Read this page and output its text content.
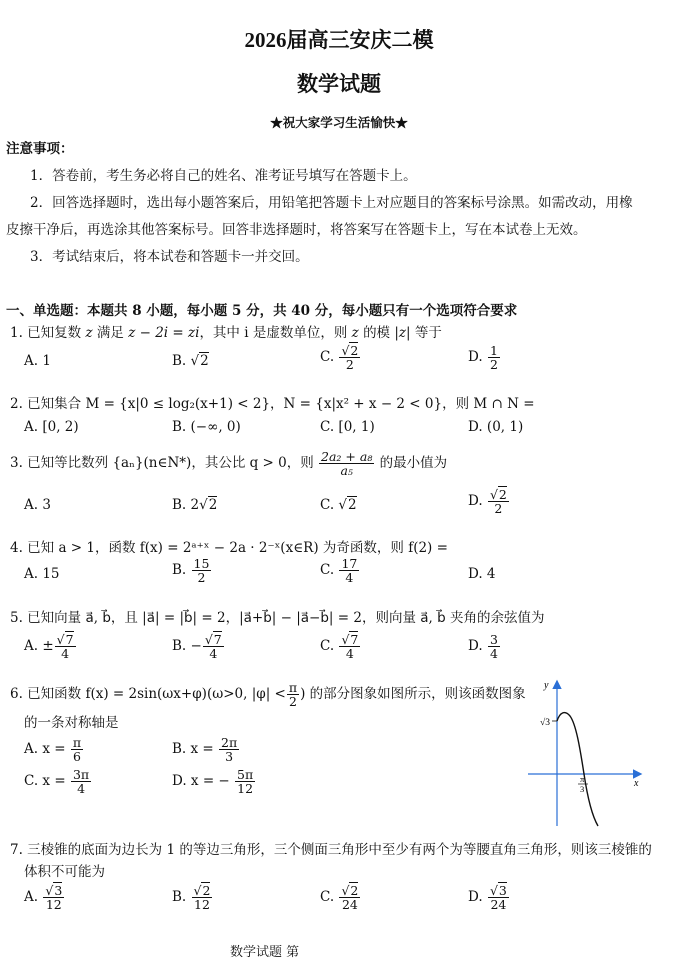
2026届高三安庆二模
数学试题
★祝大家学习生活愉快★
注意事项：
1．答卷前，考生务必将自己的姓名、准考证号填写在答题卡上。
2．回答选择题时，选出每小题答案后，用铅笔把答题卡上对应题目的答案标号涂黑。如需改动，用橡
皮擦干净后，再选涂其他答案标号。回答非选择题时，将答案写在答题卡上，写在本试卷上无效。
3．考试结束后，将本试卷和答题卡一并交回。
一、单选题：本题共 8 小题，每小题 5 分，共 40 分，每小题只有一个选项符合要求
1. 已知复数 z 满足 z − 2i = zi，其中 i 是虚数单位，则 z 的模 |z| 等于
A. 1	B. √2	C. $\frac{√2}{2}$	D. $\frac{1}{2}$
2. 已知集合 M = {x|0 ≤ log₂(x+1) < 2}，N = {x|x² + x − 2 < 0}，则 M ∩ N =
A. [0, 2)	B. (−∞, 0)	C. [0, 1)	D. (0, 1)
3. 已知等比数列 {aₙ}(n∈N*)，其公比 q > 0，则 $\frac{\text{2a₂ + a₈}}{\text{a₅}}$ 的最小值为
A. 3	B. 2√2	C. √2	D. $\frac{√2}{2}$
4. 已知 a > 1，函数 f(x) = 2ᵃ⁺ˣ − 2a · 2⁻ˣ(x∈R) 为奇函数，则 f(2) =
A. 15	B. $\frac{15}{2}$	C. $\frac{17}{4}$	D. 4
5. 已知向量 a⃗, b⃗，且 |a⃗| = |b⃗| = 2，|a⃗+b⃗| − |a⃗−b⃗| = 2，则向量 a⃗, b⃗ 夹角的余弦值为
A. ± $\frac{√7}{4}$	B. − $\frac{√7}{4}$	C. $\frac{√7}{4}$	D. $\frac{3}{4}$
6. 已知函数 f(x) = 2sin(ωx+φ)(ω>0, $|\varphi| < \frac{\pi}{2}$ ) 的部分图象如图所示，则该函数图象
的一条对称轴是
A. $x = \frac{\pi}{6}$	B. $x = \frac{2\pi}{3}$
C. $x = \frac{3\pi}{4}$	D. x = − $\frac{5\pi}{12}$
y
x
√3
π
3
7. 三棱锥的底面为边长为 1 的等边三角形，三个侧面三角形中至少有两个为等腰直角三角形，则该三棱锥的
体积不可能为
A. $\frac{√3}{12}$	B. $\frac{√2}{12}$	C. $\frac{√2}{24}$	D. $\frac{√3}{24}$
数学试题 第
